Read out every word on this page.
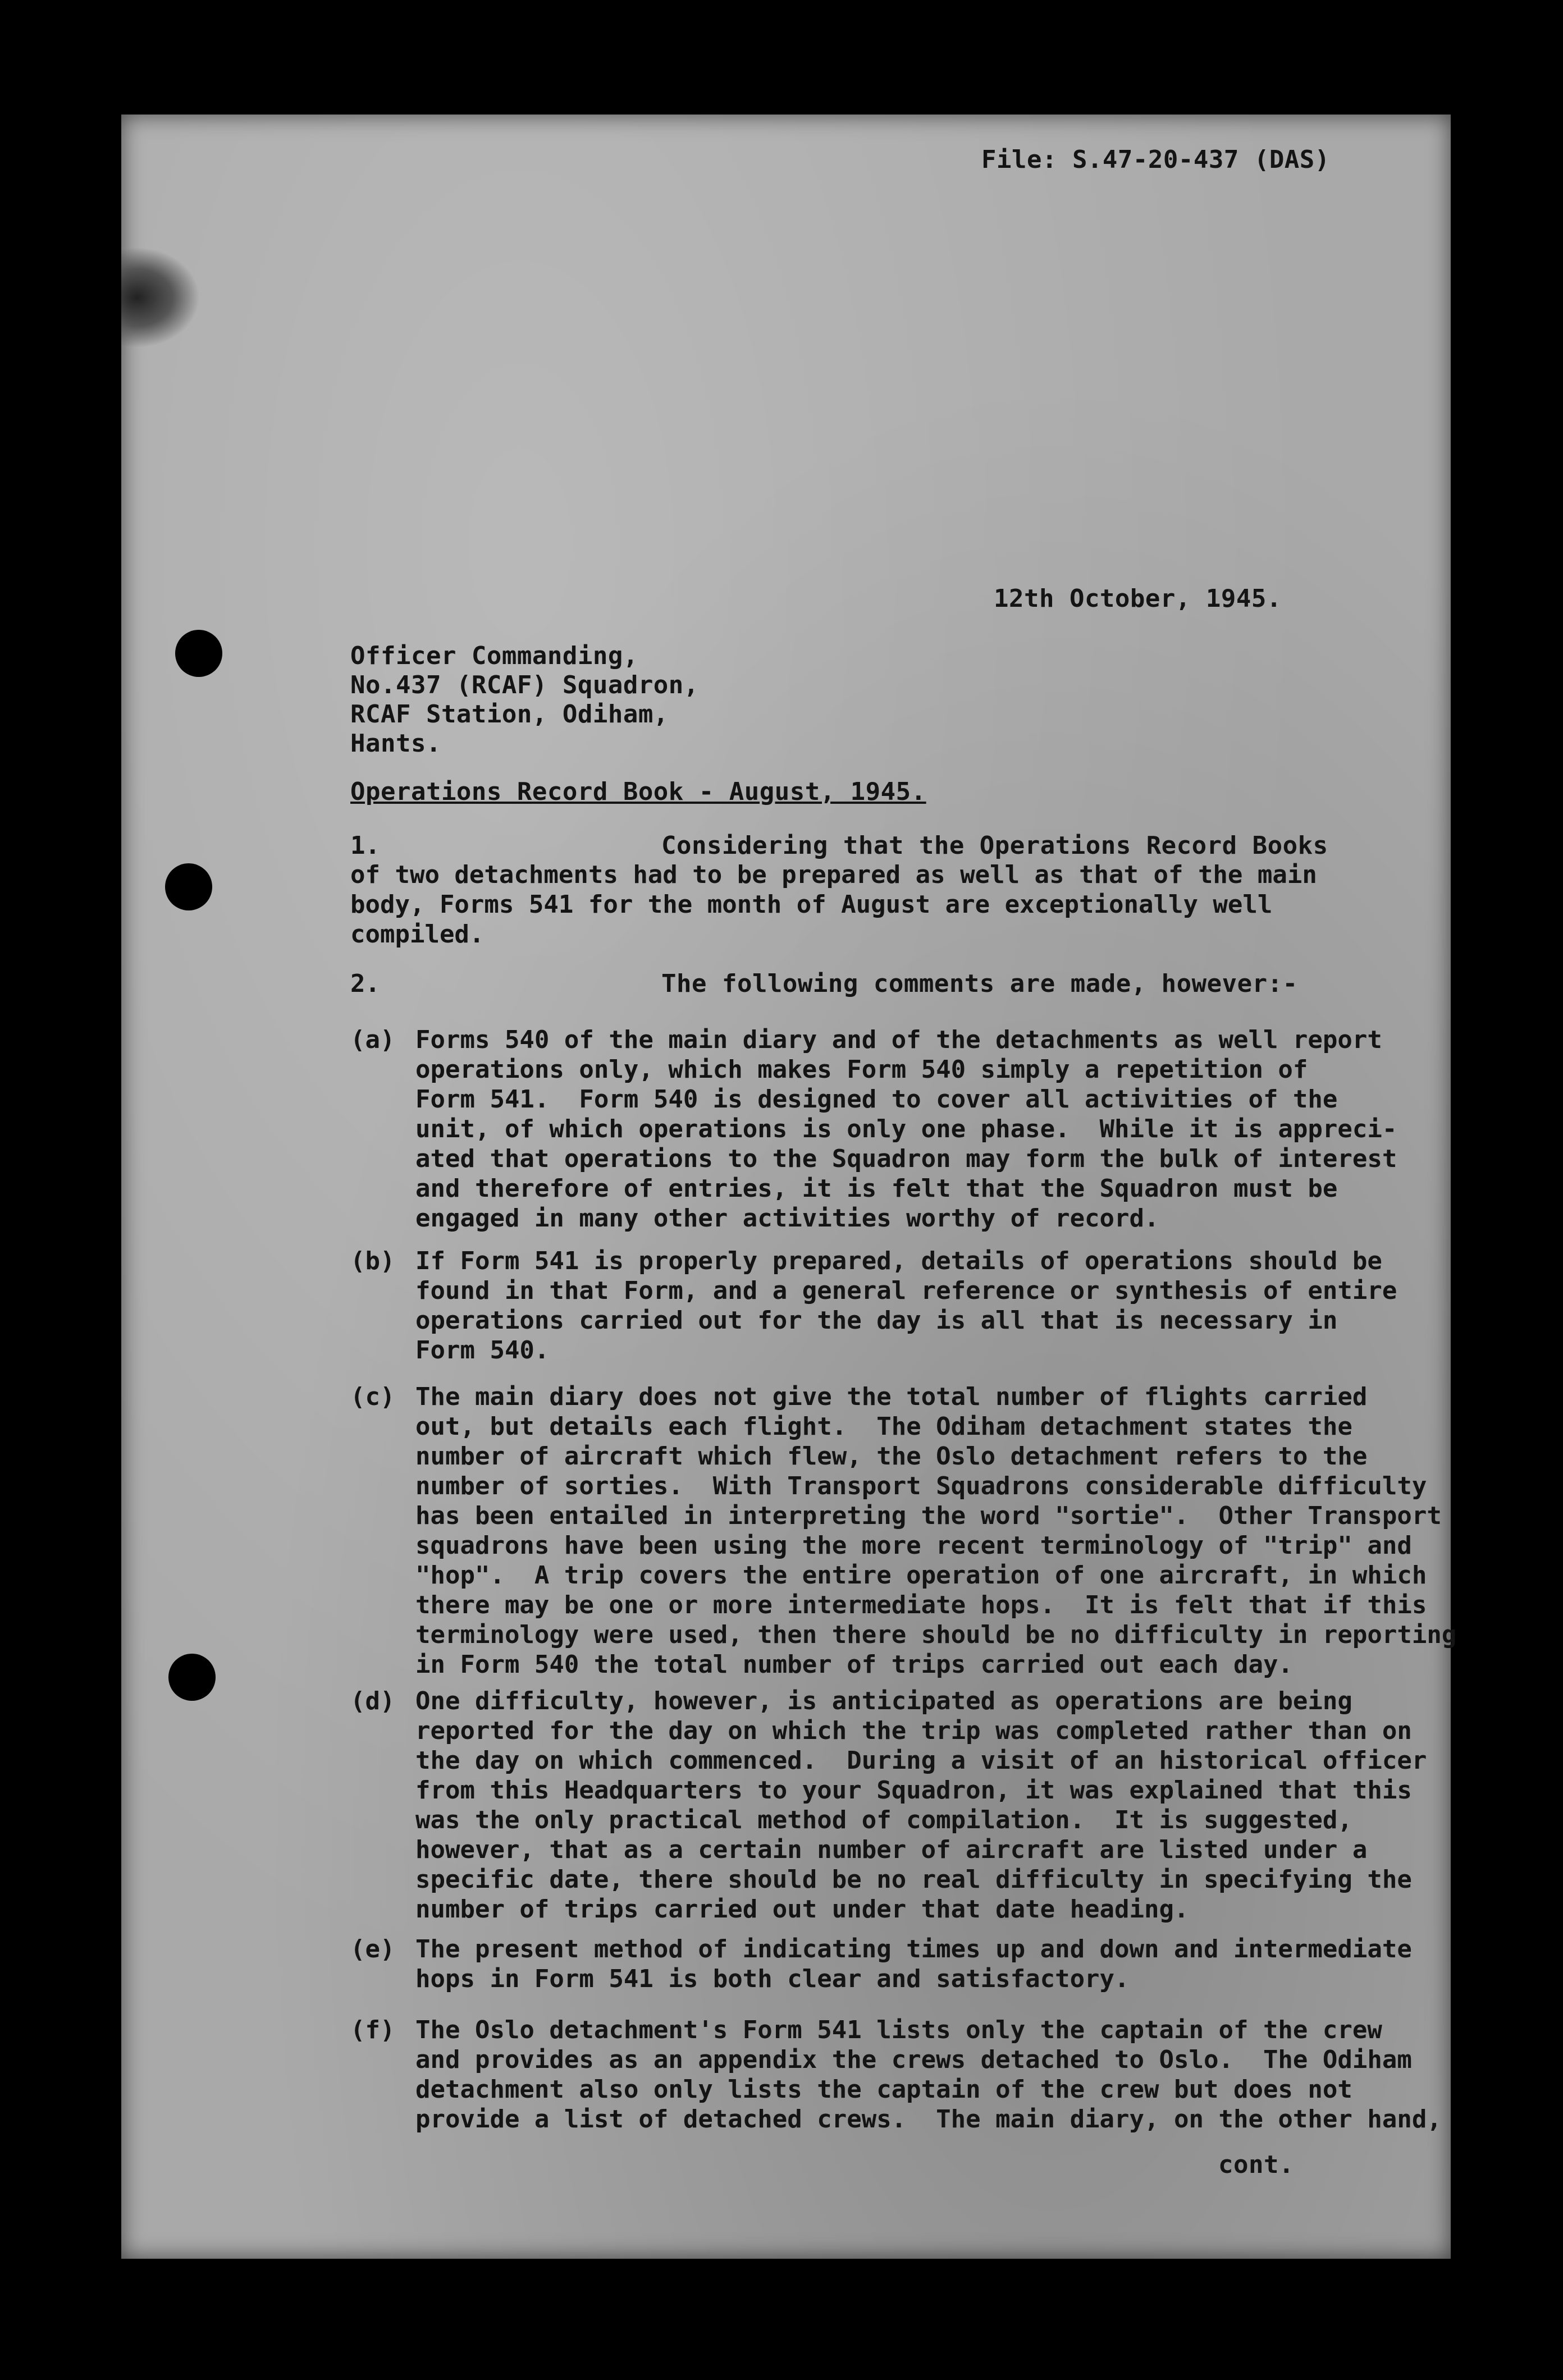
File: S.47-20-437 (DAS)
12th October, 1945.
Officer Commanding,
No.437 (RCAF) Squadron,
RCAF Station, Odiham,
Hants.
Operations Record Book - August, 1945.
1.	Considering that the Operations Record Books
of two detachments had to be prepared as well as that of the main
body, Forms 541 for the month of August are exceptionally well
compiled.
2.	The following comments are made, however:-
(a) Forms 540 of the main diary and of the detachments as well report
operations only, which makes Form 540 simply a repetition of
Form 541.  Form 540 is designed to cover all activities of the
unit, of which operations is only one phase.  While it is appreci-
ated that operations to the Squadron may form the bulk of interest
and therefore of entries, it is felt that the Squadron must be
engaged in many other activities worthy of record.
(b) If Form 541 is properly prepared, details of operations should be
found in that Form, and a general reference or synthesis of entire
operations carried out for the day is all that is necessary in
Form 540.
(c) The main diary does not give the total number of flights carried
out, but details each flight.  The Odiham detachment states the
number of aircraft which flew, the Oslo detachment refers to the
number of sorties.  With Transport Squadrons considerable difficulty
has been entailed in interpreting the word "sortie".  Other Transport
squadrons have been using the more recent terminology of "trip" and
"hop".  A trip covers the entire operation of one aircraft, in which
there may be one or more intermediate hops.  It is felt that if this
terminology were used, then there should be no difficulty in reporting
in Form 540 the total number of trips carried out each day.
(d) One difficulty, however, is anticipated as operations are being
reported for the day on which the trip was completed rather than on
the day on which commenced.  During a visit of an historical officer
from this Headquarters to your Squadron, it was explained that this
was the only practical method of compilation.  It is suggested,
however, that as a certain number of aircraft are listed under a
specific date, there should be no real difficulty in specifying the
number of trips carried out under that date heading.
(e) The present method of indicating times up and down and intermediate
hops in Form 541 is both clear and satisfactory.
(f) The Oslo detachment's Form 541 lists only the captain of the crew
and provides as an appendix the crews detached to Oslo.  The Odiham
detachment also only lists the captain of the crew but does not
provide a list of detached crews.  The main diary, on the other hand,
cont.
